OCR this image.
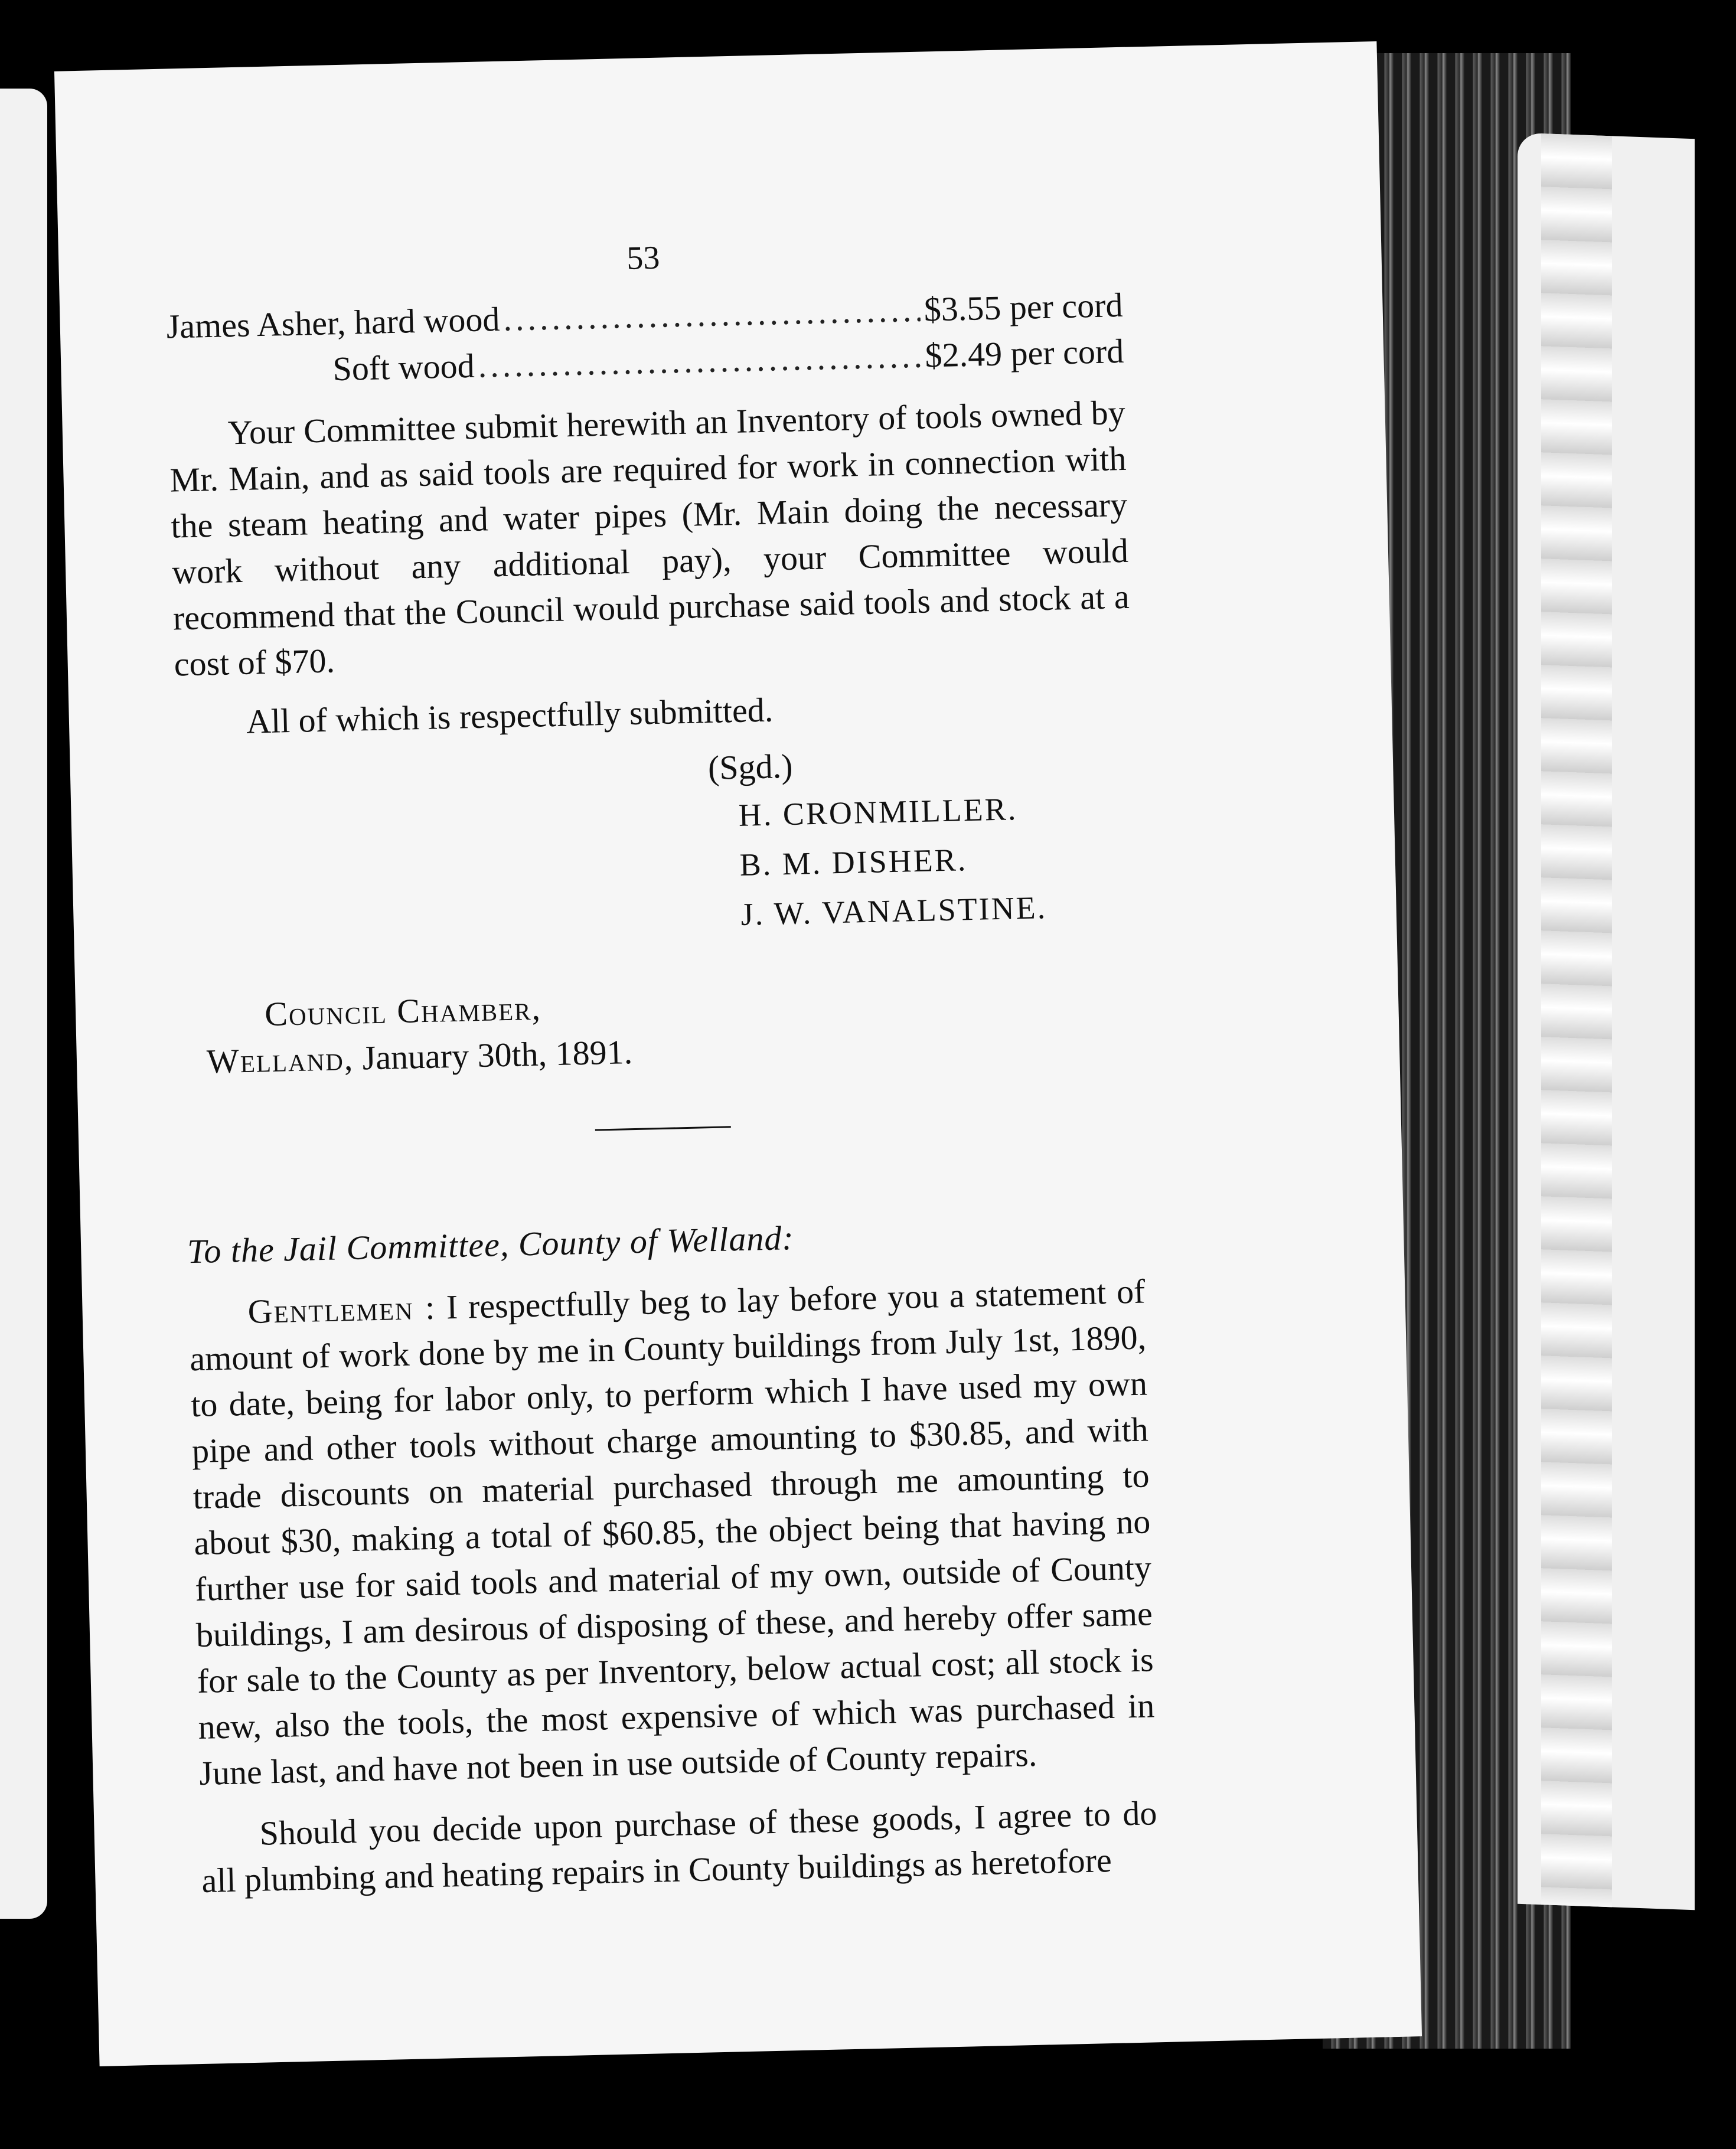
53
James Asher, hard wood .....	$3.55 per cord
Soft wood .....	$2.49 per cord

Your Committee submit herewith an Inventory of tools owned by Mr. Main, and as said tools are required for work in connection with the steam heating and water pipes (Mr. Main doing the necessary work without any additional pay), your Committee would recommend that the Council would purchase said tools and stock at a cost of $70.

All of which is respectfully submitted.

(Sgd.)
H. CRONMILLER.
B. M. DISHER.
J. W. VANALSTINE.
Council Chamber,
Welland, January 30th, 1891.
To the Jail Committee, County of Welland:

Gentlemen : I respectfully beg to lay before you a statement of amount of work done by me in County buildings from July 1st, 1890, to date, being for labor only, to perform which I have used my own pipe and other tools without charge amounting to $30.85, and with trade discounts on material purchased through me amounting to about $30, making a total of $60.85, the object being that having no further use for said tools and material of my own, outside of County buildings, I am desirous of disposing of these, and hereby offer same for sale to the County as per Inventory, below actual cost; all stock is new, also the tools, the most expensive of which was purchased in June last, and have not been in use outside of County repairs.

Should you decide upon purchase of these goods, I agree to do all plumbing and heating repairs in County buildings as heretofore
